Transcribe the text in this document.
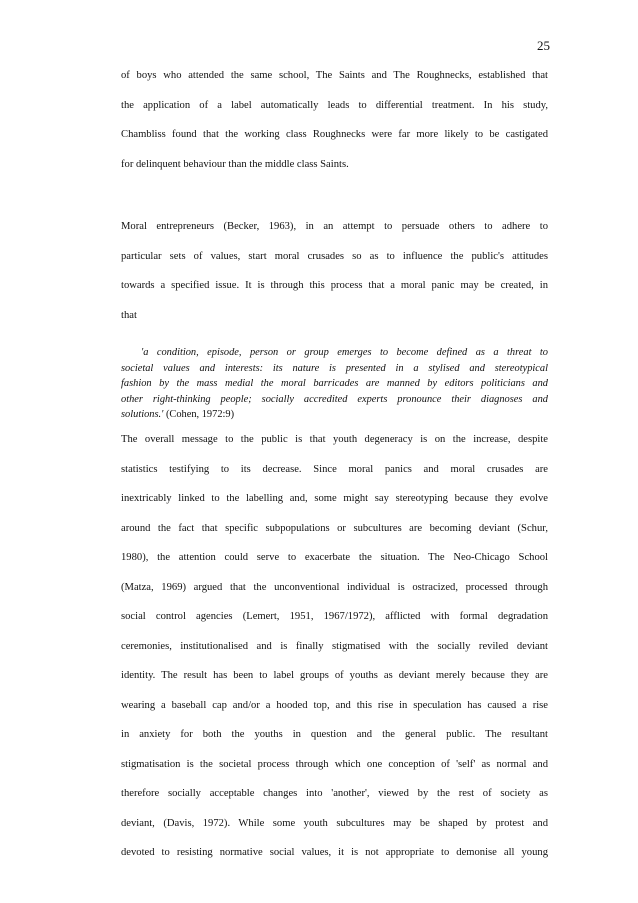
25
of boys who attended the same school, The Saints and The Roughnecks, established that
the application of a label automatically leads to differential treatment. In his study,
Chambliss found that the working class Roughnecks were far more likely to be castigated
for delinquent behaviour than the middle class Saints.
Moral entrepreneurs (Becker, 1963), in an attempt to persuade others to adhere to
particular sets of values, start moral crusades so as to influence the public's attitudes
towards a specified issue. It is through this process that a moral panic may be created, in
that
'a condition, episode, person or group emerges to become defined as a threat to
societal values and interests: its nature is presented in a stylised and stereotypical
fashion by the mass medial the moral barricades are manned by editors politicians and
other right-thinking people; socially accredited experts pronounce their diagnoses and
solutions.' (Cohen, 1972:9)
The overall message to the public is that youth degeneracy is on the increase, despite
statistics testifying to its decrease. Since moral panics and moral crusades are
inextricably linked to the labelling and, some might say stereotyping because they evolve
around the fact that specific subpopulations or subcultures are becoming deviant (Schur,
1980), the attention could serve to exacerbate the situation. The Neo-Chicago School
(Matza, 1969) argued that the unconventional individual is ostracized, processed through
social control agencies (Lemert, 1951, 1967/1972), afflicted with formal degradation
ceremonies, institutionalised and is finally stigmatised with the socially reviled deviant
identity. The result has been to label groups of youths as deviant merely because they are
wearing a baseball cap and/or a hooded top, and this rise in speculation has caused a rise
in anxiety for both the youths in question and the general public. The resultant
stigmatisation is the societal process through which one conception of 'self' as normal and
therefore socially acceptable changes into 'another', viewed by the rest of society as
deviant, (Davis, 1972). While some youth subcultures may be shaped by protest and
devoted to resisting normative social values, it is not appropriate to demonise all young
